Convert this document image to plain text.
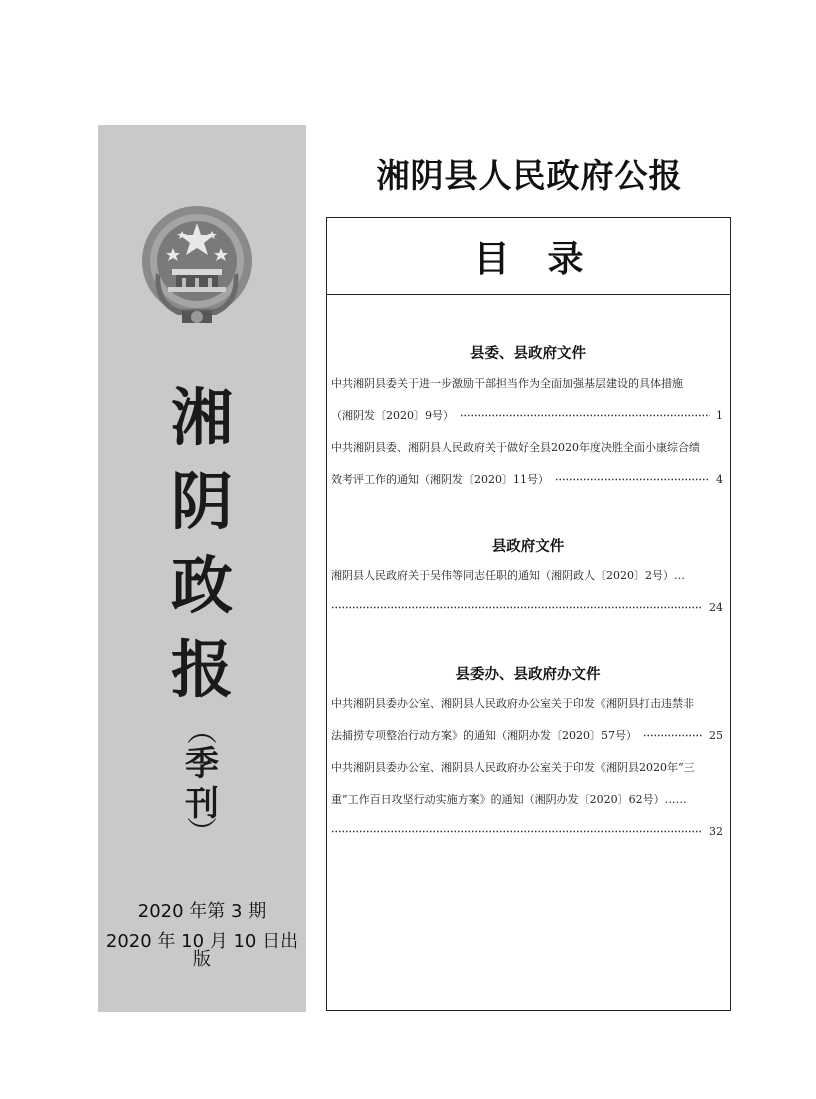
湘
阴
政
报
︵
季
刊
︶
2020 年第 3 期
2020 年 10 月 10 日出版
湘阴县人民政府公报
目录
县委、县政府文件
中共湘阴县委关于进一步激励干部担当作为全面加强基层建设的具体措施
（湘阴发〔2020〕9号）	1
中共湘阴县委、湘阴县人民政府关于做好全县2020年度决胜全面小康综合绩
效考评工作的通知（湘阴发〔2020〕11号）	4
县政府文件
湘阴县人民政府关于吴伟等同志任职的通知（湘阴政人〔2020〕2号）…
24
县委办、县政府办文件
中共湘阴县委办公室、湘阴县人民政府办公室关于印发《湘阴县打击违禁非
法捕捞专项整治行动方案》的通知（湘阴办发〔2020〕57号）	25
中共湘阴县委办公室、湘阴县人民政府办公室关于印发《湘阴县2020年“三
重”工作百日攻坚行动实施方案》的通知（湘阴办发〔2020〕62号）……
32
